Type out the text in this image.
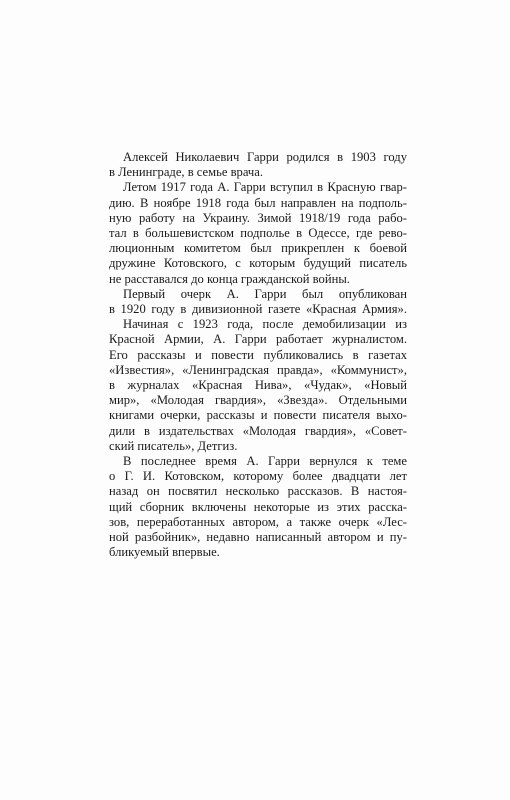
Алексей Николаевич Гарри родился в 1903 году
в Ленинграде, в семье врача.
Летом 1917 года А. Гарри вступил в Красную гвар-
дию. В ноябре 1918 года был направлен на подполь-
ную работу на Украину. Зимой 1918/19 года рабо-
тал в большевистском подполье в Одессе, где рево-
люционным комитетом был прикреплен к боевой
дружине Котовского, с которым будущий писатель
не расставался до конца гражданской войны.
Первый очерк А. Гарри был опубликован
в 1920 году в дивизионной газете «Красная Армия».
Начиная с 1923 года, после демобилизации из
Красной Армии, А. Гарри работает журналистом.
Его рассказы и повести публиковались в газетах
«Известия», «Ленинградская правда», «Коммунист»,
в журналах «Красная Нива», «Чудак», «Новый
мир», «Молодая гвардия», «Звезда». Отдельными
книгами очерки, рассказы и повести писателя выхо-
дили в издательствах «Молодая гвардия», «Совет-
ский писатель», Детгиз.
В последнее время А. Гарри вернулся к теме
о Г. И. Котовском, которому более двадцати лет
назад он посвятил несколько рассказов. В настоя-
щий сборник включены некоторые из этих расска-
зов, переработанных автором, а также очерк «Лес-
ной разбойник», недавно написанный автором и пу-
бликуемый впервые.
